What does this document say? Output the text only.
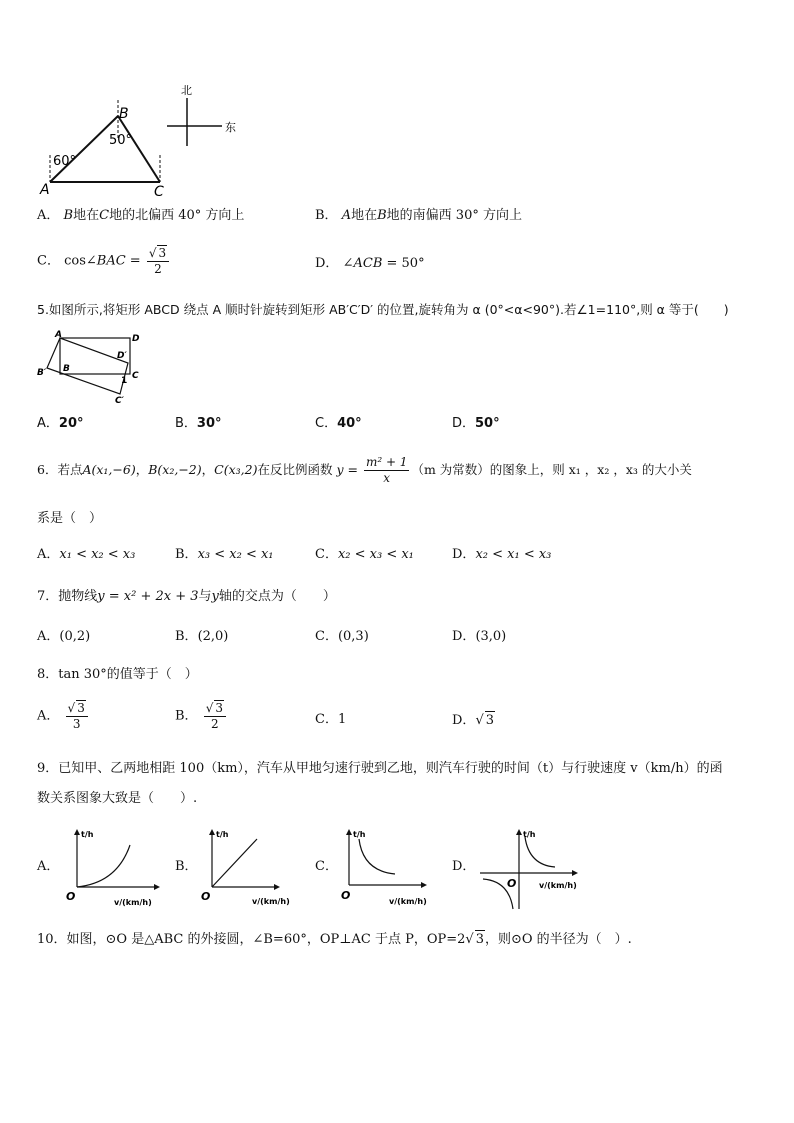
B
A	C
60°
50°
北
东
A． B地在C地的北偏西 40° 方向上	B． A地在B地的南偏西 30° 方向上
C． cos∠BAC = $\frac{√ 3}{2}$	D． ∠ACB = 50°
5.如图所示,将矩形 ABCD 绕点 A 顺时针旋转到矩形 AB′C′D′ 的位置,旋转角为 α (0°<α<90°).若∠1=110°,则 α 等于(　　)
A	D
D′
B′ B
1 C
C′
A．20°	B．30°	C．40°	D．50°
6．若点A(x₁,−6)，B(x₂,−2)，C(x₃,2)在反比例函数 $y = \frac{\text{m² + 1}}{x} (m$ 为常数）的图象上，则 x₁ ，x₂ ，x₃ 的大小关
系是（　）
A．x₁ < x₂ < x₃	B．x₃ < x₂ < x₁	C．x₂ < x₃ < x₁	D．x₂ < x₁ < x₃
7．抛物线y = x² + 2x + 3与y轴的交点为（　　）
A．(0,2)	B．(2,0)	C．(0,3)	D．(3,0)
8．tan 30°的值等于（　）
A． $\frac{√ 3}{3}$	B． $\frac{√ 3}{2}$	C．1	D．√ 3
9．已知甲、乙两地相距 100（km），汽车从甲地匀速行驶到乙地，则汽车行驶的时间（t）与行驶速度 v（km/h）的函
数关系图象大致是（　　）.
A．
t/h
O	v/(km/h)
B．
t/h
O	v/(km/h)
C．
t/h
O	v/(km/h)
D．
t/h
O	v/(km/h)
10．如图，⊙O 是△ABC 的外接圆，∠B=60°，OP⊥AC 于点 P，OP=2√ 3，则⊙O 的半径为（　）.
